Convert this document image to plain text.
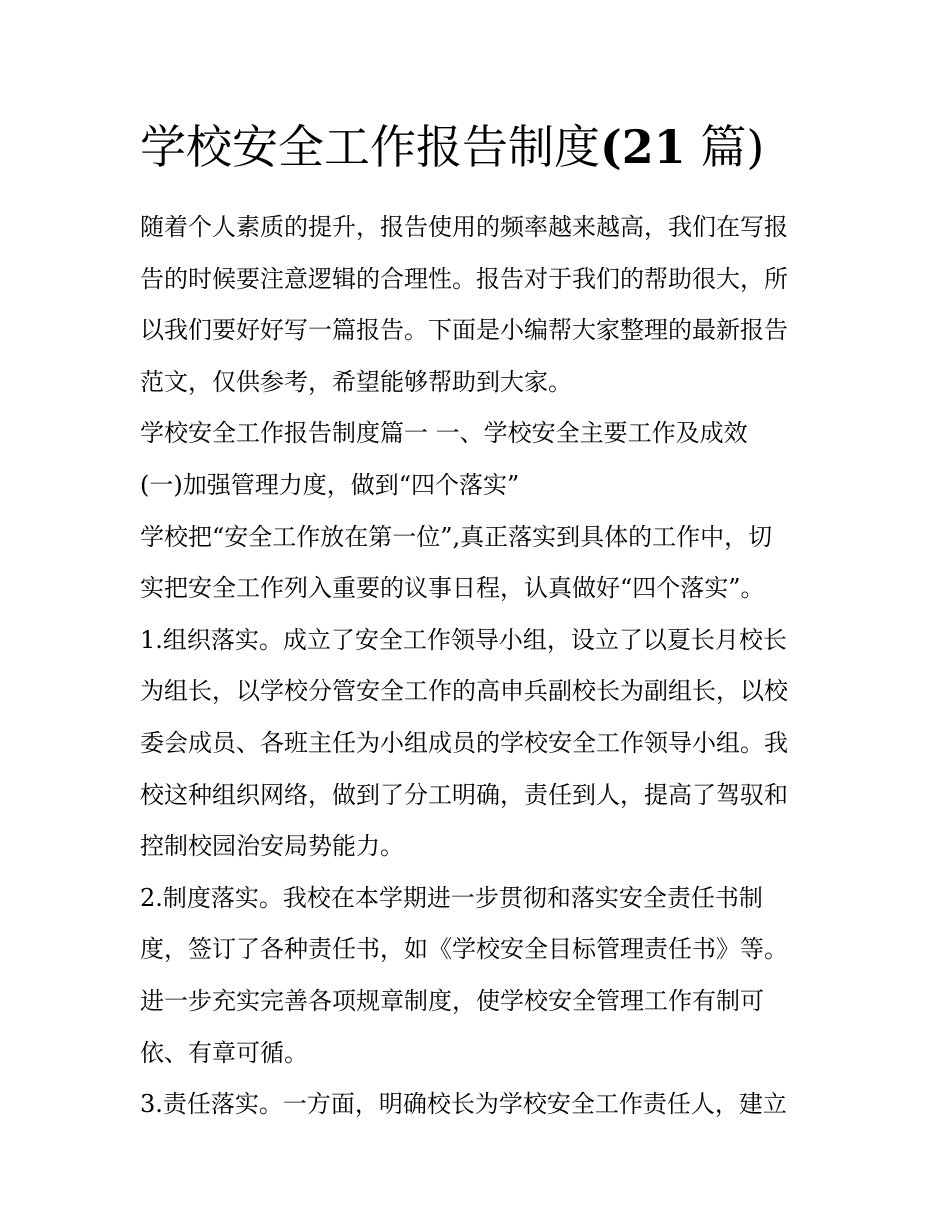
学校安全工作报告制度(21 篇)
随着个人素质的提升，报告使用的频率越来越高，我们在写报
告的时候要注意逻辑的合理性。报告对于我们的帮助很大，所
以我们要好好写一篇报告。下面是小编帮大家整理的最新报告
范文，仅供参考，希望能够帮助到大家。
学校安全工作报告制度篇一 一、学校安全主要工作及成效
(一)加强管理力度，做到“四个落实”
学校把“安全工作放在第一位”,真正落实到具体的工作中，切
实把安全工作列入重要的议事日程，认真做好“四个落实”。
1.组织落实。成立了安全工作领导小组，设立了以夏长月校长
为组长，以学校分管安全工作的高申兵副校长为副组长，以校
委会成员、各班主任为小组成员的学校安全工作领导小组。我
校这种组织网络，做到了分工明确，责任到人，提高了驾驭和
控制校园治安局势能力。
2.制度落实。我校在本学期进一步贯彻和落实安全责任书制
度，签订了各种责任书，如《学校安全目标管理责任书》等。
进一步充实完善各项规章制度，使学校安全管理工作有制可
依、有章可循。
3.责任落实。一方面，明确校长为学校安全工作责任人，建立
